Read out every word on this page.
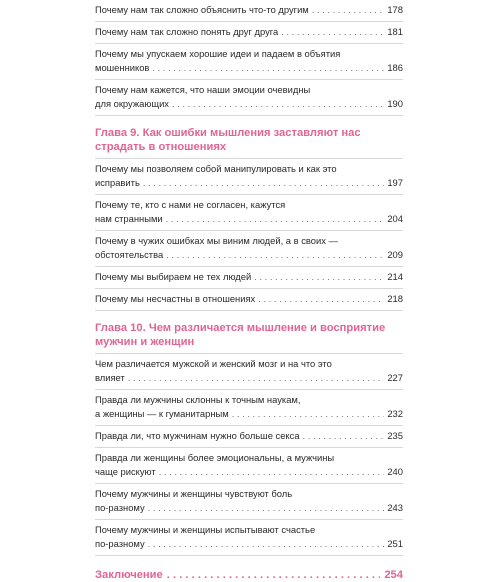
Почему нам так сложно объяснить что-то другим . . .	178
Почему нам так сложно понять друг друга . . .	181
Почему мы упускаем хорошие идеи и падаем в объятия
мошенников . . .	186
Почему нам кажется, что наши эмоции очевидны
для окружающих . . .	190
Глава 9. Как ошибки мышления заставляют нас
страдать в отношениях
Почему мы позволяем собой манипулировать и как это
исправить . . .	197
Почему те, кто с нами не согласен, кажутся
нам странными . . .	204
Почему в чужих ошибках мы виним людей, а в своих —
обстоятельства . . .	209
Почему мы выбираем не тех людей . . .	214
Почему мы несчастны в отношениях . . .	218
Глава 10. Чем различается мышление и восприятие
мужчин и женщин
Чем различается мужской и женский мозг и на что это
влияет . . .	227
Правда ли мужчины склонны к точным наукам,
а женщины — к гуманитарным . . .	232
Правда ли, что мужчинам нужно больше секса . . .	235
Правда ли женщины более эмоциональны, а мужчины
чаще рискуют . . .	240
Почему мужчины и женщины чувствуют боль
по-разному . . .	243
Почему мужчины и женщины испытывают счастье
по-разному . . .	251
Заключение . . .	254
